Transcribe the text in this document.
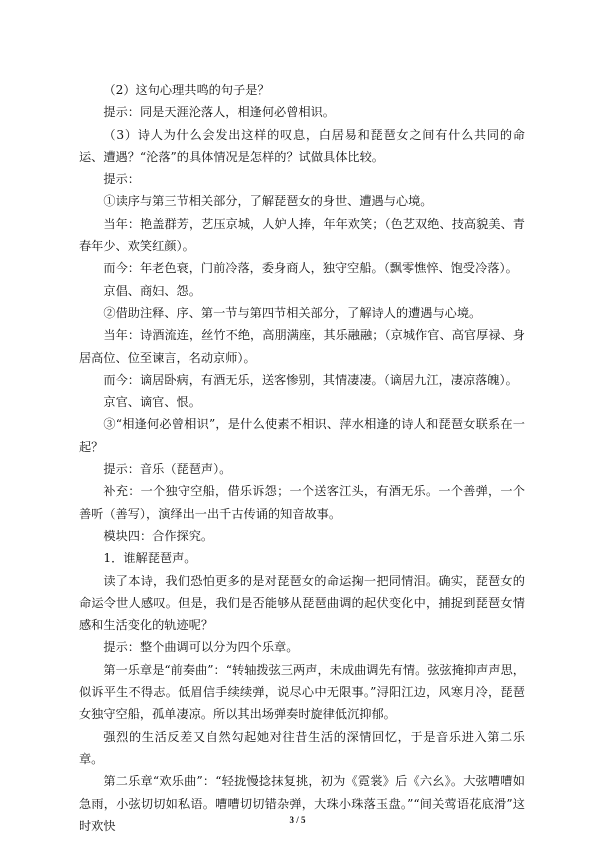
（2）这句心理共鸣的句子是？

提示：同是天涯沦落人，相逢何必曾相识。

（3）诗人为什么会发出这样的叹息，白居易和琵琶女之间有什么共同的命运、遭遇？“沦落”的具体情况是怎样的？试做具体比较。

提示：

①读序与第三节相关部分，了解琵琶女的身世、遭遇与心境。

当年：艳盖群芳，艺压京城，人妒人捧，年年欢笑；（色艺双绝、技高貌美、青春年少、欢笑红颜）。

而今：年老色衰，门前冷落，委身商人，独守空船。（飘零憔悴、饱受冷落）。

京倡、商妇、怨。

②借助注释、序、第一节与第四节相关部分，了解诗人的遭遇与心境。

当年：诗酒流连，丝竹不绝，高朋满座，其乐融融；（京城作官、高官厚禄、身居高位、位至谏言，名动京师）。

而今：谪居卧病，有酒无乐，送客惨别，其情凄凄。（谪居九江，凄凉落魄）。

京官、谪官、恨。

③“相逢何必曾相识”，是什么使素不相识、萍水相逢的诗人和琵琶女联系在一起？

提示：音乐（琵琶声）。

补充：一个独守空船，借乐诉怨；一个送客江头，有酒无乐。一个善弹，一个善听（善写），演绎出一出千古传诵的知音故事。

模块四：合作探究。

1．谁解琵琶声。

读了本诗，我们恐怕更多的是对琵琶女的命运掬一把同情泪。确实，琵琶女的命运令世人感叹。但是，我们是否能够从琵琶曲调的起伏变化中，捕捉到琵琶女情感和生活变化的轨迹呢？

提示：整个曲调可以分为四个乐章。

第一乐章是“前奏曲”：“转轴拨弦三两声，未成曲调先有情。弦弦掩抑声声思，似诉平生不得志。低眉信手续续弹，说尽心中无限事。”浔阳江边，风寒月冷，琵琶女独守空船，孤单凄凉。所以其出场弹奏时旋律低沉抑郁。

强烈的生活反差又自然勾起她对往昔生活的深情回忆，于是音乐进入第二乐章。

第二乐章“欢乐曲”：“轻拢慢捻抹复挑，初为《霓裳》后《六幺》。大弦嘈嘈如急雨，小弦切切如私语。嘈嘈切切错杂弹，大珠小珠落玉盘。”“间关莺语花底滑”这时欢快	3 / 5
